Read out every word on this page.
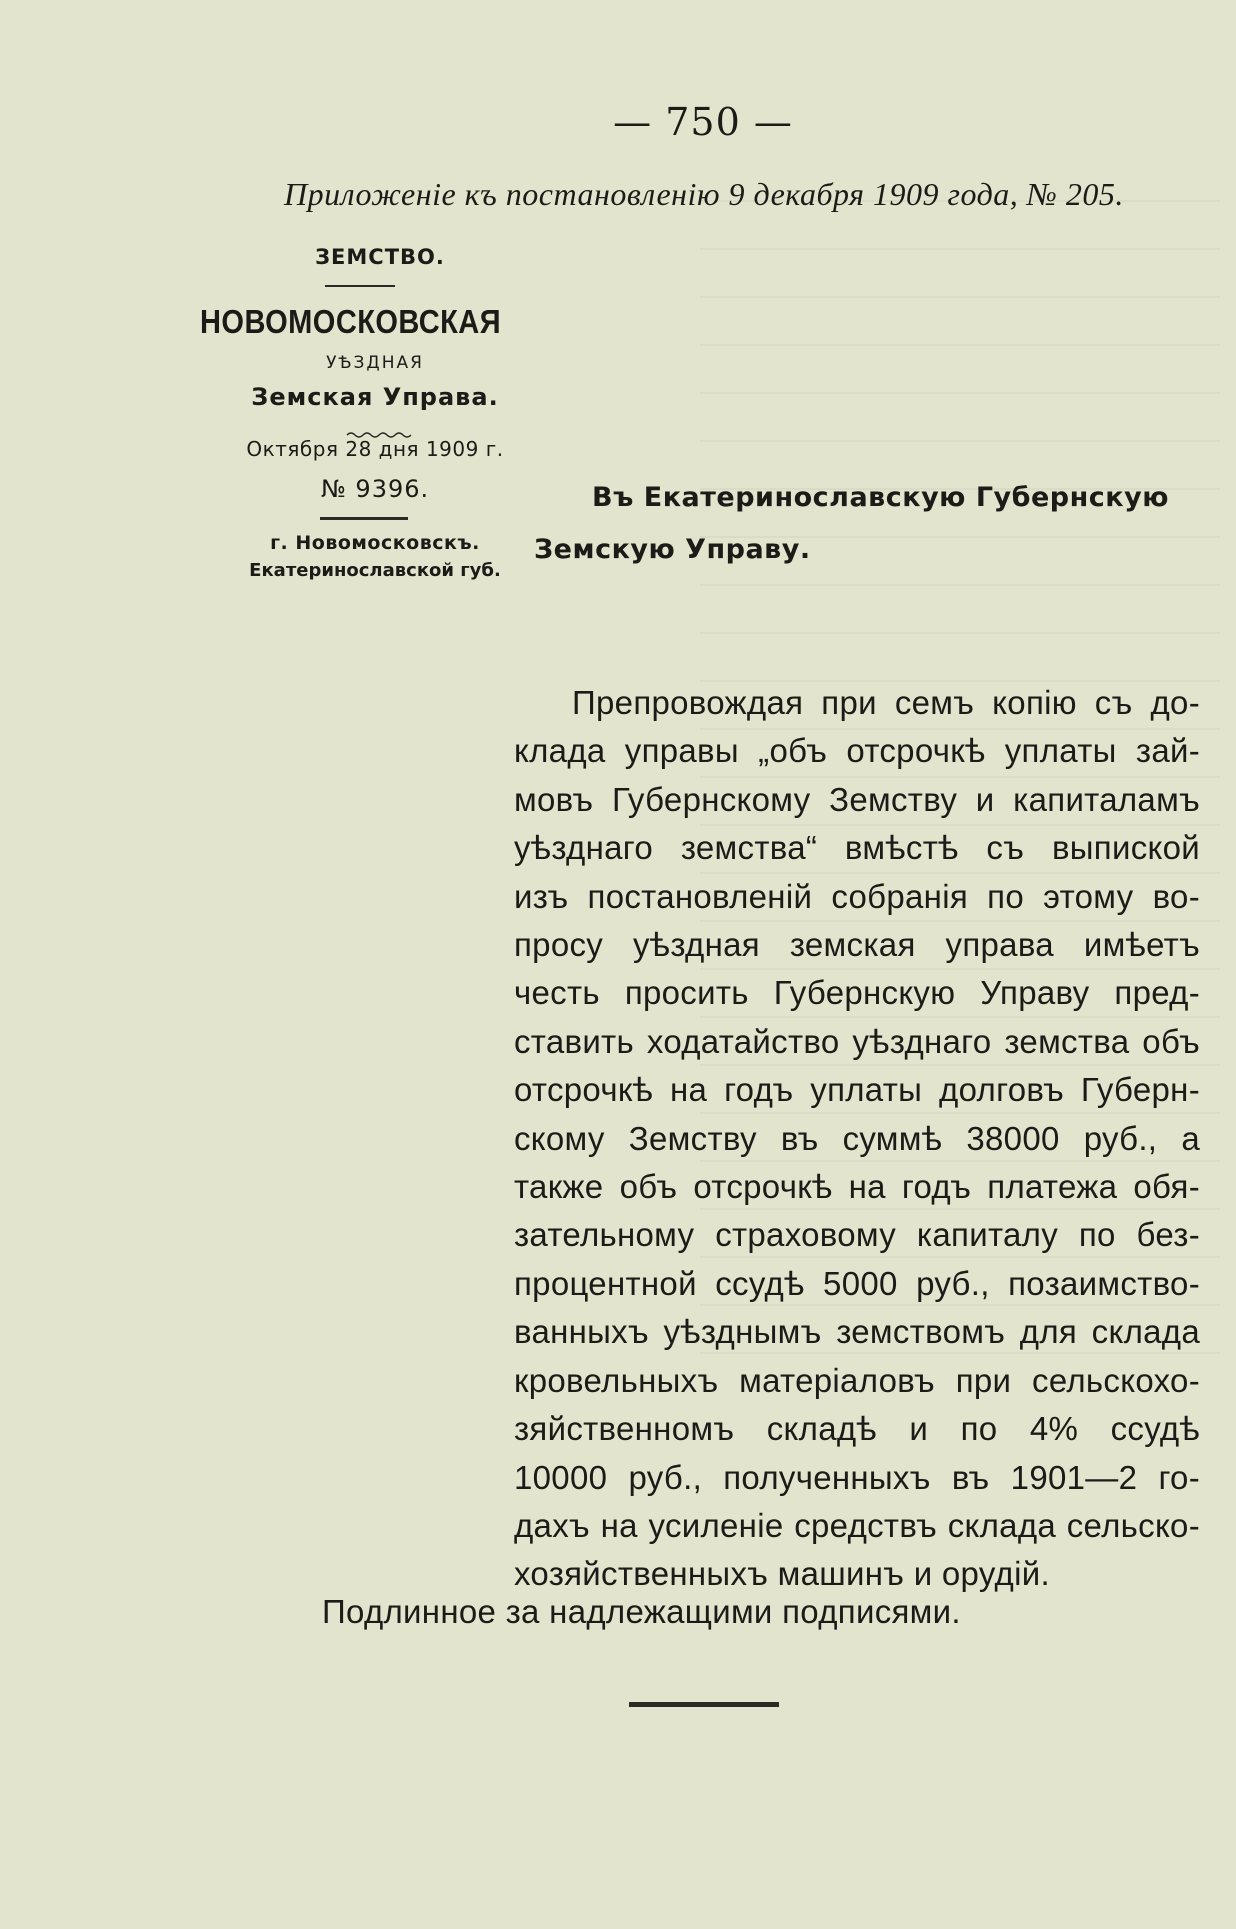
— 750 —
Приложеніе къ постановленію 9 декабря 1909 года, № 205.
ЗЕМСТВО.
НОВОМОСКОВСКАЯ
УѢЗДНАЯ
Земская Управа.
Октября 28 дня 1909 г.
№ 9396.
г. Новомосковскъ.
Екатеринославской губ.
Въ Екатеринославскую Губернскую
Земскую Управу.

Препровождая при семъ копію съ до-

клада управы „объ отсрочкѣ уплаты зай-

мовъ Губернскому Земству и капиталамъ

уѣзднаго земства“ вмѣстѣ съ выпиской

изъ постановленій собранія по этому во-

просу уѣздная земская управа имѣетъ

честь просить Губернскую Управу пред-

ставить ходатайство уѣзднаго земства объ

отсрочкѣ на годъ уплаты долговъ Губерн-

скому Земству въ суммѣ 38000 руб., а

также объ отсрочкѣ на годъ платежа обя-

зательному страховому капиталу по без-

процентной ссудѣ 5000 руб., позаимство-

ванныхъ уѣзднымъ земствомъ для склада

кровельныхъ матеріаловъ при сельскохо-

зяйственномъ складѣ и по 4% ссудѣ

10000 руб., полученныхъ въ 1901—2 го-

дахъ на усиленіе средствъ склада сельско-

хозяйственныхъ машинъ и орудій.

Подлинное за надлежащими подписями.
